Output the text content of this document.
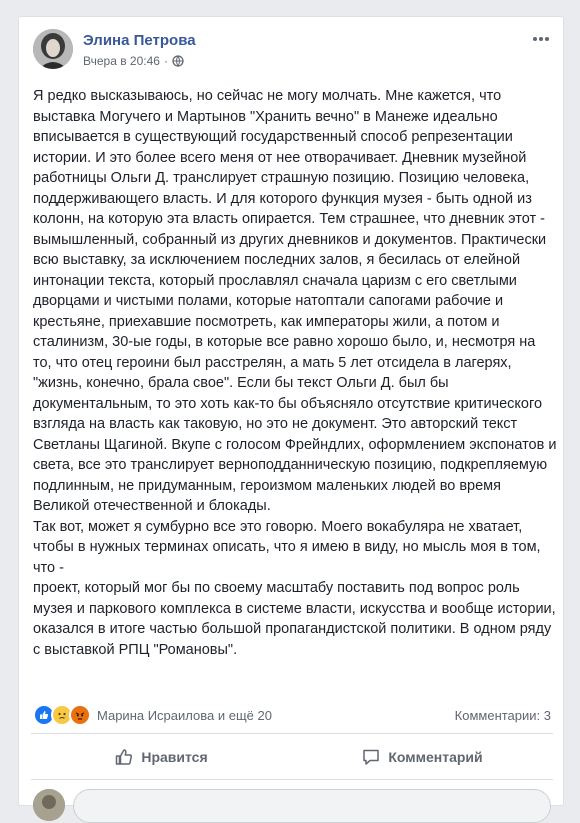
Элина Петрова
Вчера в 20:46 ·

Я редко высказываюсь, но сейчас не могу молчать. Мне кажется, что выставка Могучего и Мартынов "Хранить вечно" в Манеже идеально вписывается в существующий государственный способ репрезентации истории. И это более всего меня от нее отворачивает. Дневник музейной работницы Ольги Д. транслирует страшную позицию. Позицию человека, поддерживающего власть. И для которого функция музея - быть одной из колонн, на которую эта власть опирается. Тем страшнее, что дневник этот - вымышленный, собранный из других дневников и документов. Практически всю выставку, за исключением последних залов, я бесилась от елейной интонации текста, который прославлял сначала царизм с его светлыми дворцами и чистыми полами, которые натоптали сапогами рабочие и крестьяне, приехавшие посмотреть, как императоры жили, а потом и сталинизм, 30-ые годы, в которые все равно хорошо было, и, несмотря на то, что отец героини был расстрелян, а мать 5 лет отсидела в лагерях, "жизнь, конечно, брала свое". Если бы текст Ольги Д. был бы документальным, то это хоть как-то бы объясняло отсутствие критического взгляда на власть как таковую, но это не документ. Это авторский текст Светланы Щагиной. Вкупе с голосом Фрейндлих, оформлением экспонатов и света, все это транслирует верноподданническую позицию, подкрепляемую подлинным, не придуманным, героизмом маленьких людей во время Великой отечественной и блокады.

Так вот, может я сумбурно все это говорю. Моего вокабуляра не хватает, чтобы в нужных терминах описать, что я имею в виду, но мысль моя в том, что -

проект, который мог бы по своему масштабу поставить под вопрос роль музея и паркового комплекса в системе власти, искусства и вообще истории, оказался в итоге частью большой пропагандистской политики. В одном ряду с выставкой РПЦ "Романовы".

Марина Исраилова и ещё 20	Комментарии: 3
Нравится	Комментарий
